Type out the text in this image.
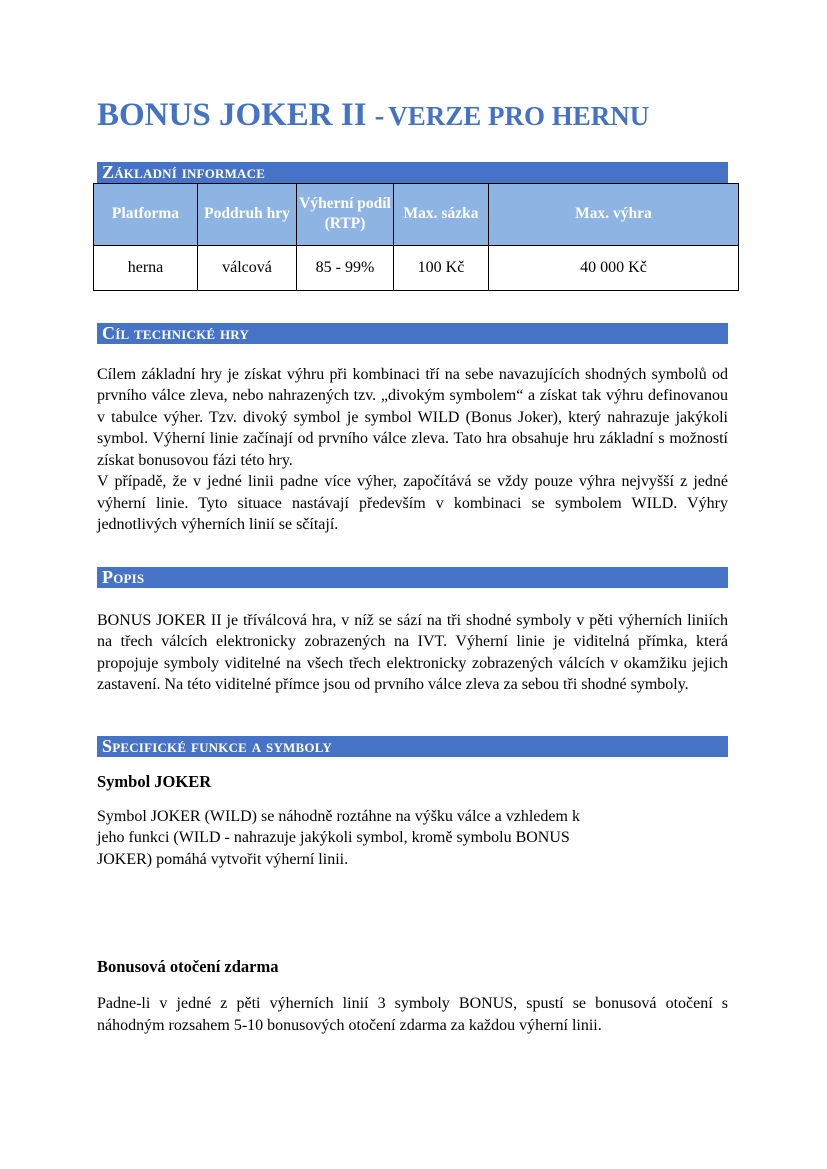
BONUS JOKER II - VERZE PRO HERNU
Základní informace
Platforma	Poddruh hry	Výherní podíl (RTP)	Max. sázka	Max. výhra
herna	válcová	85 - 99%	100 Kč	40 000 Kč
Cíl technické hry

Cílem základní hry je získat výhru při kombinaci tří na sebe navazujících shodných symbolů od prvního válce zleva, nebo nahrazených tzv. „divokým symbolem“ a získat tak výhru definovanou v tabulce výher. Tzv. divoký symbol je symbol WILD (Bonus Joker), který nahrazuje jakýkoli symbol. Výherní linie začínají od prvního válce zleva. Tato hra obsahuje hru základní s možností získat bonusovou fázi této hry.

V případě, že v jedné linii padne více výher, započítává se vždy pouze výhra nejvyšší z jedné výherní linie. Tyto situace nastávají především v kombinaci se symbolem WILD. Výhry jednotlivých výherních linií se sčítají.

Popis

BONUS JOKER II je tříválcová hra, v níž se sází na tři shodné symboly v pěti výherních liniích na třech válcích elektronicky zobrazených na IVT. Výherní linie je viditelná přímka, která propojuje symboly viditelné na všech třech elektronicky zobrazených válcích v okamžiku jejich zastavení. Na této viditelné přímce jsou od prvního válce zleva za sebou tři shodné symboly.

Specifické funkce a symboly
Symbol JOKER

Symbol JOKER (WILD) se náhodně roztáhne na výšku válce a vzhledem k jeho funkci (WILD - nahrazuje jakýkoli symbol, kromě symbolu BONUS JOKER) pomáhá vytvořit výherní linii.

Bonusová otočení zdarma

Padne-li v jedné z pěti výherních linií 3 symboly BONUS, spustí se bonusová otočení s náhodným rozsahem 5-10 bonusových otočení zdarma za každou výherní linii.
